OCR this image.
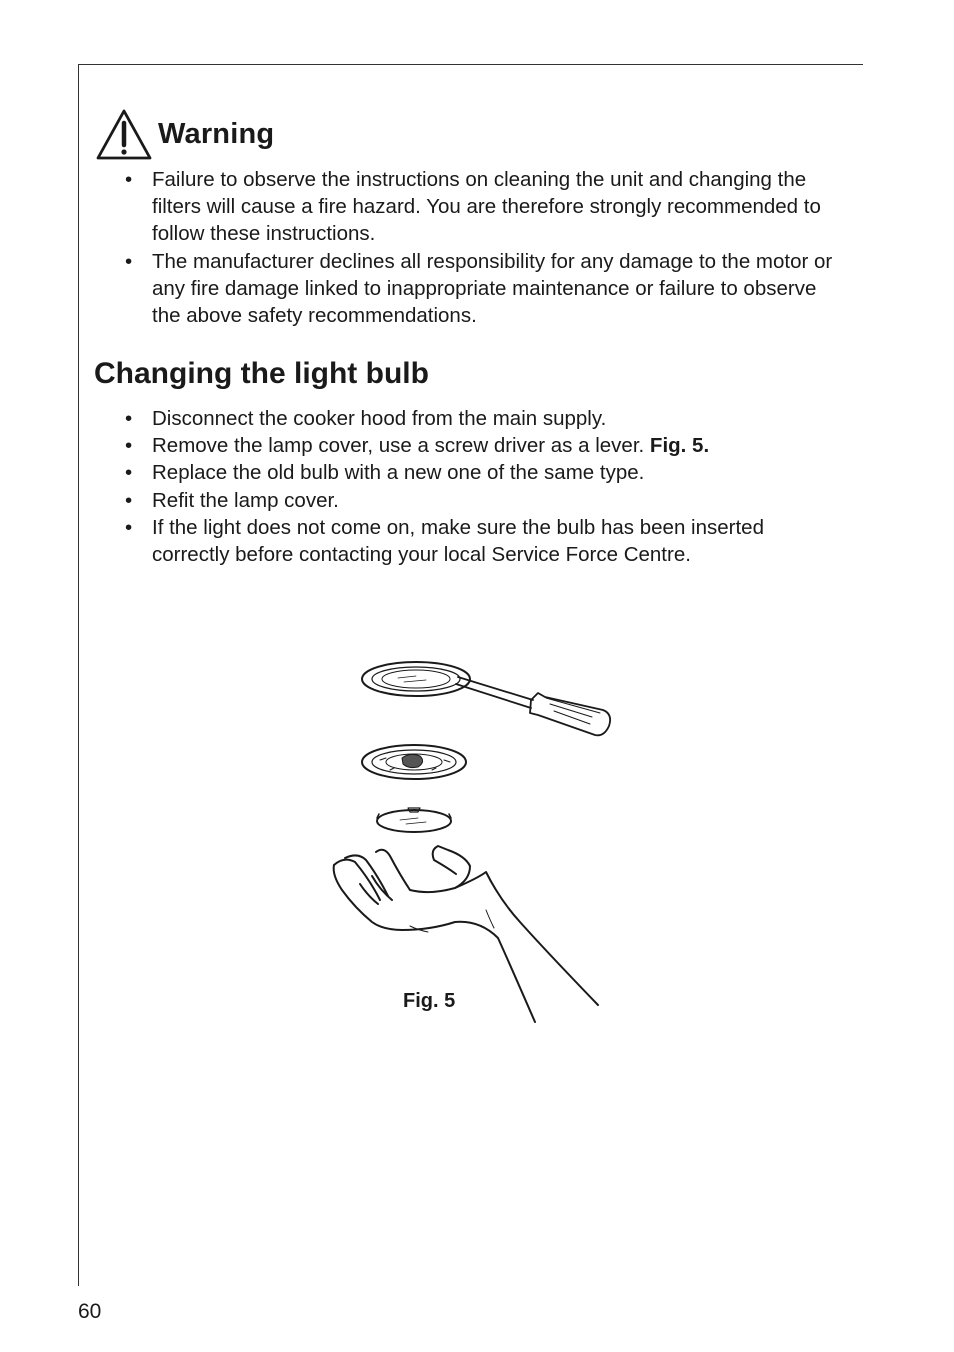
Warning
• Failure to observe the instructions on cleaning the unit and changing the filters will cause a fire hazard. You are therefore strongly recommended to follow these instructions.
• The manufacturer declines all responsibility for any damage to the motor or any fire damage linked to inappropriate maintenance or failure to observe the above safety recommendations.
Changing the light bulb
• Disconnect the cooker hood from the main supply.
• Remove the lamp cover, use a screw driver as a lever. Fig. 5.
• Replace the old bulb with a new one of the same type.
• Refit the lamp cover.
• If the light does not come on, make sure the bulb has been inserted correctly before contacting your local Service Force Centre.
Fig. 5
60
